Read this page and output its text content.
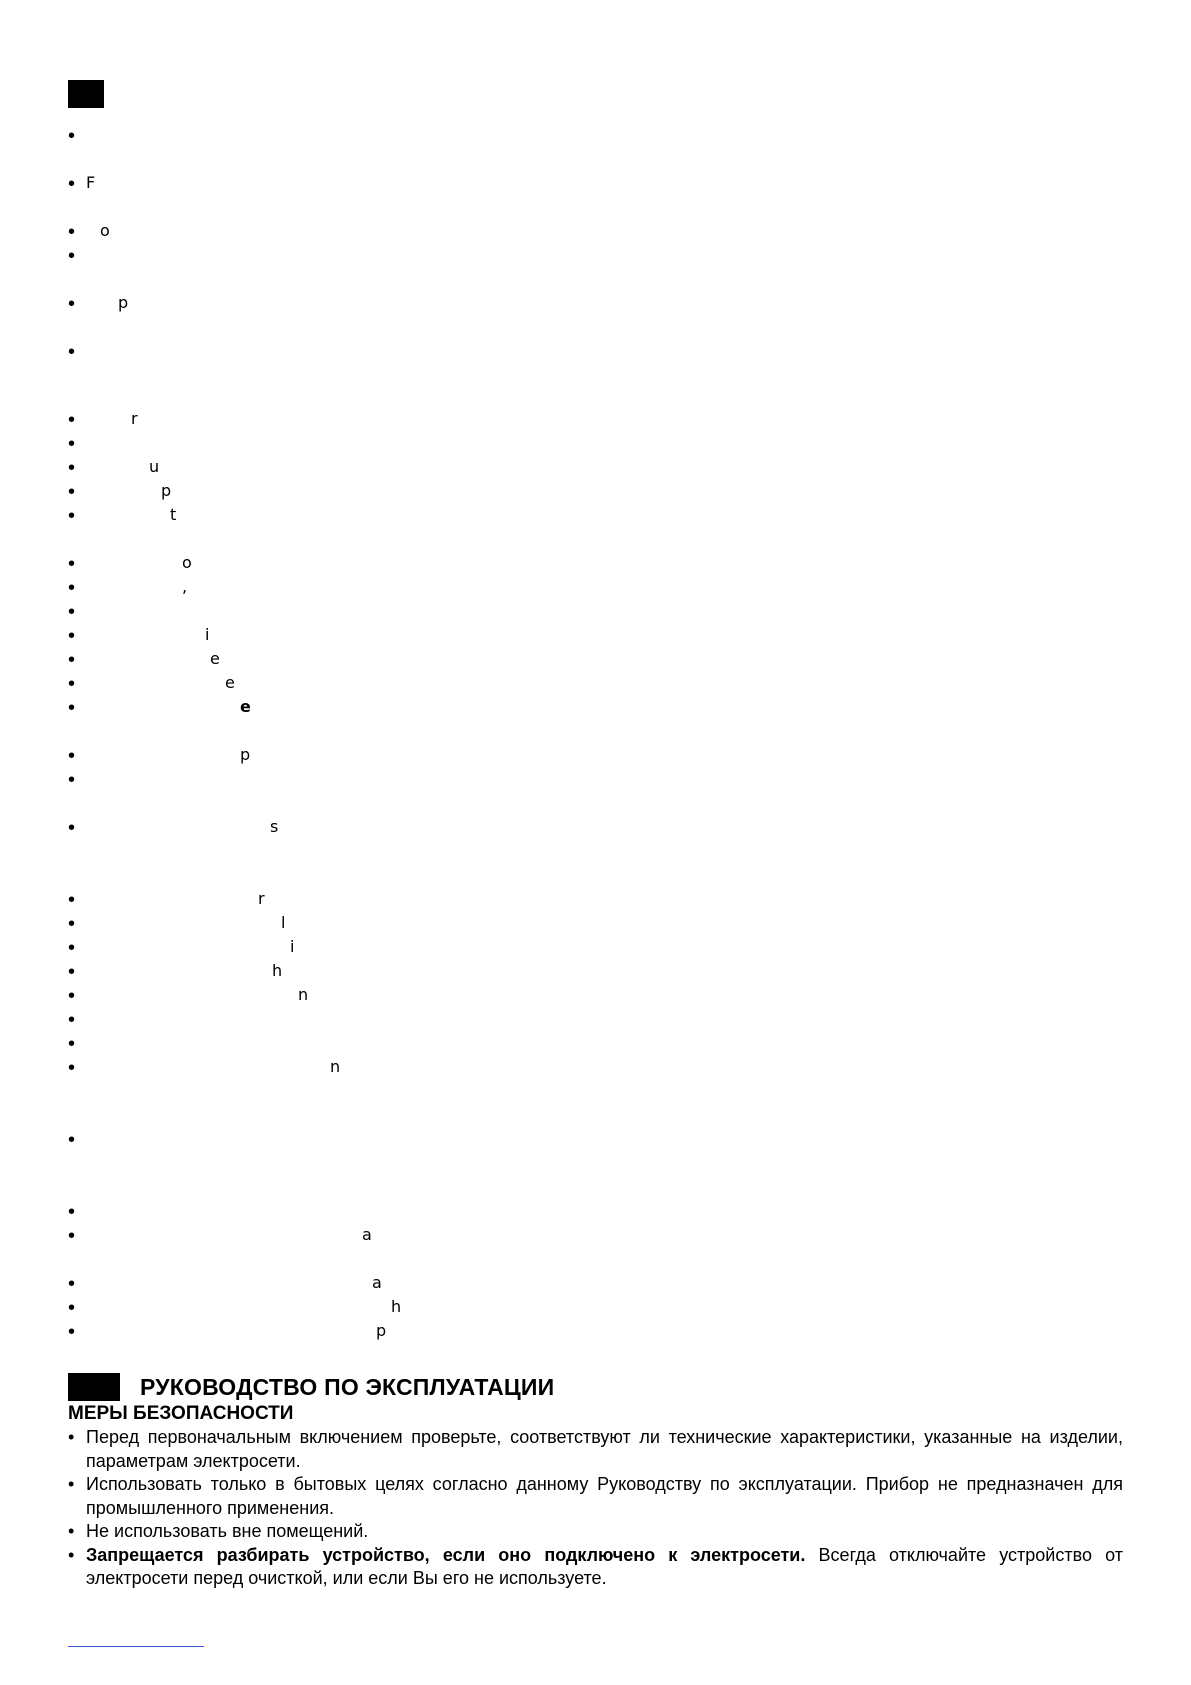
•
• F
• o
•
•	p
•
•	r
•
•	u
•	p
•	t
•	o
•	,
•
•	i
•	e
•	e
•	e
•	p
•
•	s
•	r
•	l
•	i
•	h
•	n
•
•
•	n
•
•
•	a
•	a
•	h
•	p
РУКОВОДСТВО ПО ЭКСПЛУАТАЦИИ
МЕРЫ БЕЗОПАСНОСТИ
• Перед первоначальным включением проверьте, соответствуют ли технические характеристики, указанные на изделии, параметрам электросети.
• Использовать только в бытовых целях согласно данному Руководству по эксплуатации. Прибор не предназначен для промышленного применения.
• Не использовать вне помещений.
• Запрещается разбирать устройство, если оно подключено к электросети. Всегда отключайте устройство от электросети перед очисткой, или если Вы его не используете.
